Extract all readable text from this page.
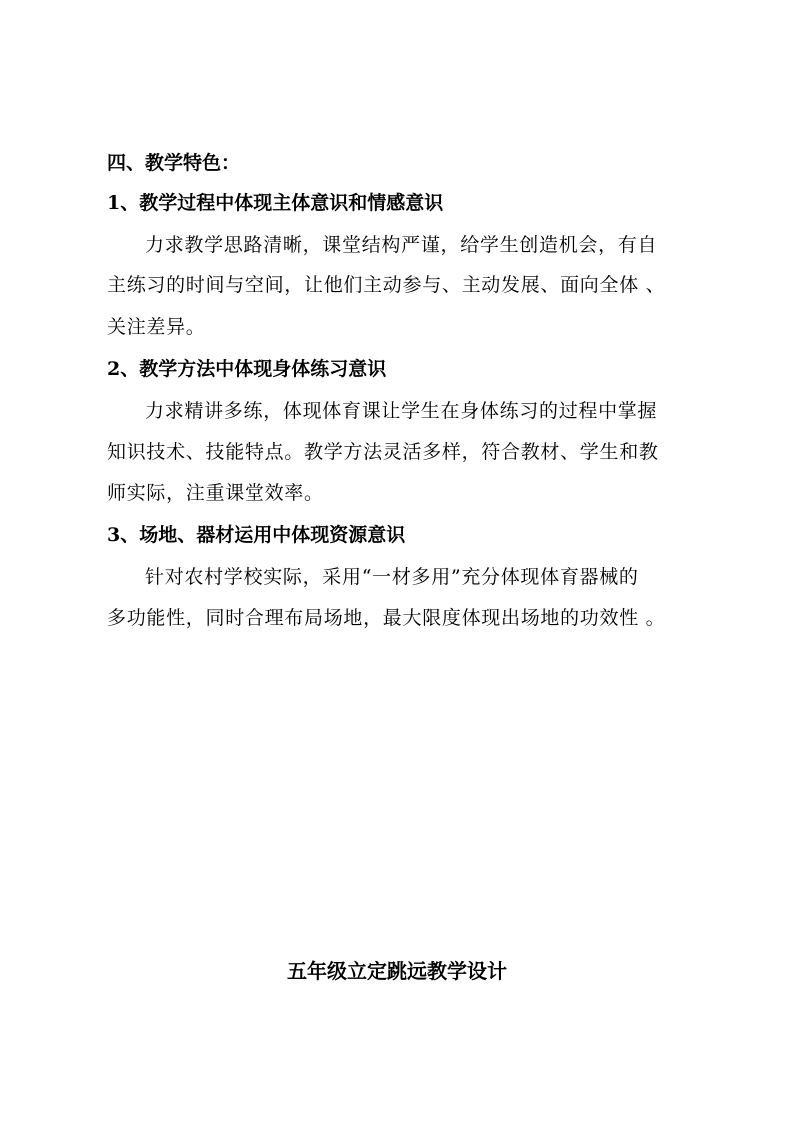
四、教学特色：
1、教学过程中体现主体意识和情感意识
力求教学思路清晰，课堂结构严谨，给学生创造机会，有自
主练习的时间与空间，让他们主动参与、主动发展、面向全体 、
关注差异。
2、教学方法中体现身体练习意识
力求精讲多练，体现体育课让学生在身体练习的过程中掌握
知识技术、技能特点。教学方法灵活多样，符合教材、学生和教
师实际，注重课堂效率。
3、场地、器材运用中体现资源意识
针对农村学校实际，采用“一材多用”充分体现体育器械的
多功能性，同时合理布局场地，最大限度体现出场地的功效性 。
五年级立定跳远教学设计
